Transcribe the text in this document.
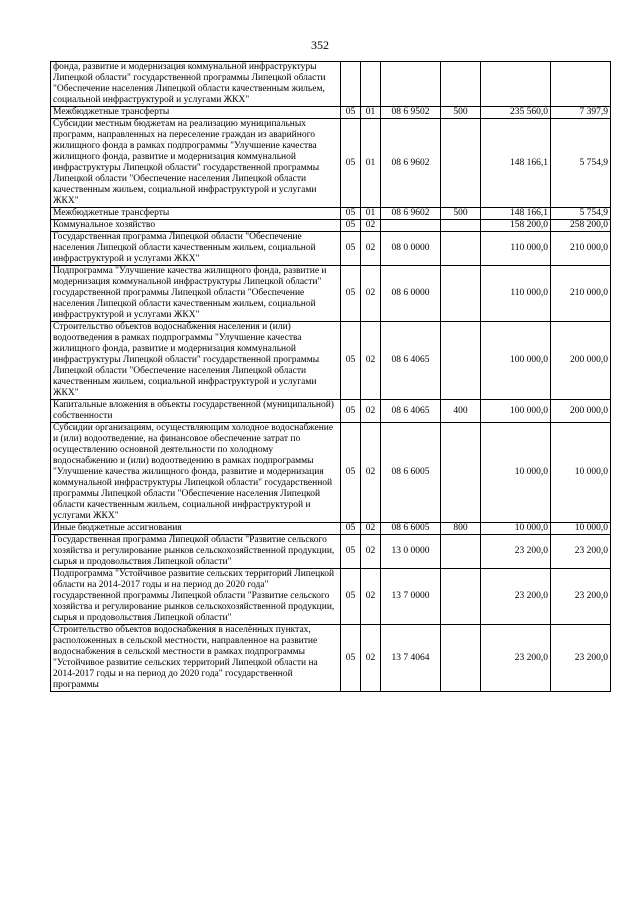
352
фонда, развитие и модернизация коммунальной инфраструктуры Липецкой области" государственной программы Липецкой области "Обеспечение населения Липецкой области качественным жильем, социальной инфраструктурой и услугами ЖКХ"						
Межбюджетные трансферты	05	01	08 6 9502	500	235 560,0	7 397,9
Субсидии местным бюджетам на реализацию муниципальных программ, направленных на переселение граждан из аварийного жилищного фонда в рамках подпрограммы "Улучшение качества жилищного фонда, развитие и модернизация коммунальной инфраструктуры Липецкой области" государственной программы Липецкой области "Обеспечение населения Липецкой области качественным жильем, социальной инфраструктурой и услугами ЖКХ"	05	01	08 6 9602		148 166,1	5 754,9
Межбюджетные трансферты	05	01	08 6 9602	500	148 166,1	5 754,9
Коммунальное хозяйство	05	02			158 200,0	258 200,0
Государственная программа Липецкой области "Обеспечение населения Липецкой области качественным жильем, социальной инфраструктурой и услугами ЖКХ"	05	02	08 0 0000		110 000,0	210 000,0
Подпрограмма "Улучшение качества жилищного фонда, развитие и модернизация коммунальной инфраструктуры Липецкой области" государственной программы Липецкой области "Обеспечение населения Липецкой области качественным жильем, социальной инфраструктурой и услугами ЖКХ"	05	02	08 6 0000		110 000,0	210 000,0
Строительство объектов водоснабжения населения и (или) водоотведения в рамках подпрограммы "Улучшение качества жилищного фонда, развитие и модернизация коммунальной инфраструктуры Липецкой области" государственной программы Липецкой области "Обеспечение населения Липецкой области качественным жильем, социальной инфраструктурой и услугами ЖКХ"	05	02	08 6 4065		100 000,0	200 000,0
Капитальные вложения в объекты государственной (муниципальной) собственности	05	02	08 6 4065	400	100 000,0	200 000,0
Субсидии организациям, осуществляющим холодное водоснабжение и (или) водоотведение, на финансовое обеспечение затрат по осуществлению основной деятельности по холодному водоснабжению и (или) водоотведению в рамках подпрограммы "Улучшение качества жилищного фонда, развитие и модернизация коммунальной инфраструктуры Липецкой области" государственной программы Липецкой области "Обеспечение населения Липецкой области качественным жильем, социальной инфраструктурой и услугами ЖКХ"	05	02	08 6 6005		10 000,0	10 000,0
Иные бюджетные ассигнования	05	02	08 6 6005	800	10 000,0	10 000,0
Государственная программа Липецкой области "Развитие сельского хозяйства и регулирование рынков сельскохозяйственной продукции, сырья и продовольствия Липецкой области"	05	02	13 0 0000		23 200,0	23 200,0
Подпрограмма "Устойчивое развитие сельских территорий Липецкой области на 2014-2017 годы и на период до 2020 года" государственной программы Липецкой области "Развитие сельского хозяйства и регулирование рынков сельскохозяйственной продукции, сырья и продовольствия Липецкой области"	05	02	13 7 0000		23 200,0	23 200,0
Строительство объектов водоснабжения в населённых пунктах, расположенных в сельской местности, направленное на развитие водоснабжения в сельской местности в рамках подпрограммы "Устойчивое развитие сельских территорий Липецкой области на 2014-2017 годы и на период до 2020 года" государственной программы	05	02	13 7 4064		23 200,0	23 200,0
